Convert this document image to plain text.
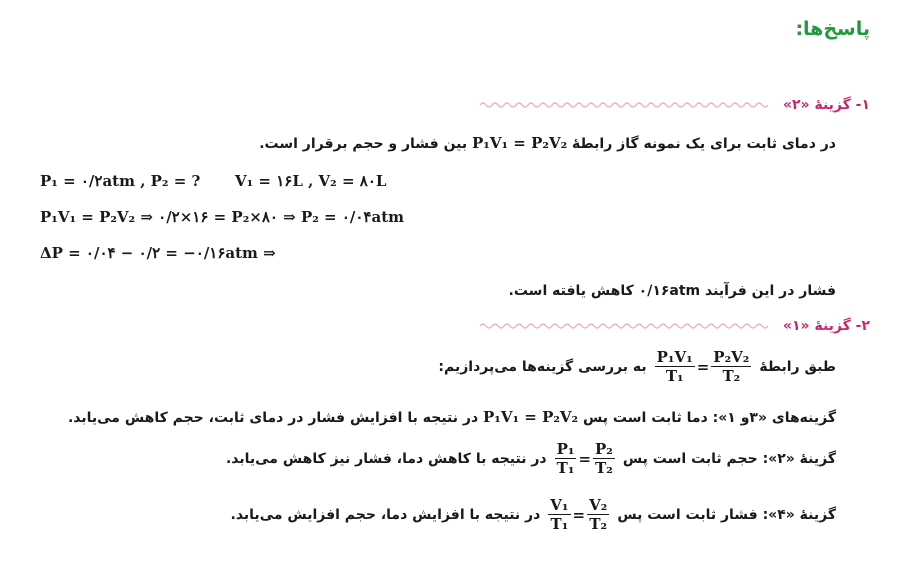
پاسخ‌ها:
۱- گزینهٔ «۲»
در دمای ثابت برای یک نمونه گاز رابطهٔ P₁V₁ = P₂V₂ بین فشار و حجم برقرار است.
P₁ = ۰/۲atm , P₂ = ? V₁ = ۱۶L , V₂ = ۸۰L
P₁V₁ = P₂V₂ ⇒ ۰/۲×۱۶ = P₂×۸۰ ⇒ P₂ = ۰/۰۴atm
ΔP = ۰/۰۴ − ۰/۲ = −۰/۱۶atm ⇒
فشار در این فرآیند ۰/۱۶atm کاهش یافته است.
۲- گزینهٔ «۱»
طبق رابطهٔ
$\frac{\text{P₁V₁}}{\text{T₁}} = \frac{\text{P₂V₂}}{\text{T₂}}$
به بررسی گزینه‌ها می‌پردازیم:
گزینه‌های «۳و ۱»: دما ثابت است پس P₁V₁ = P₂V₂ در نتیجه با افزایش فشار در دمای ثابت، حجم کاهش می‌یابد.
گزینهٔ «۲»: حجم ثابت است پس
$\frac{\text{P₁}}{\text{T₁}} = \frac{\text{P₂}}{\text{T₂}}$
در نتیجه با کاهش دما، فشار نیز کاهش می‌یابد.
گزینهٔ «۴»: فشار ثابت است پس
$\frac{\text{V₁}}{\text{T₁}} = \frac{\text{V₂}}{\text{T₂}}$
در نتیجه با افزایش دما، حجم افزایش می‌یابد.
